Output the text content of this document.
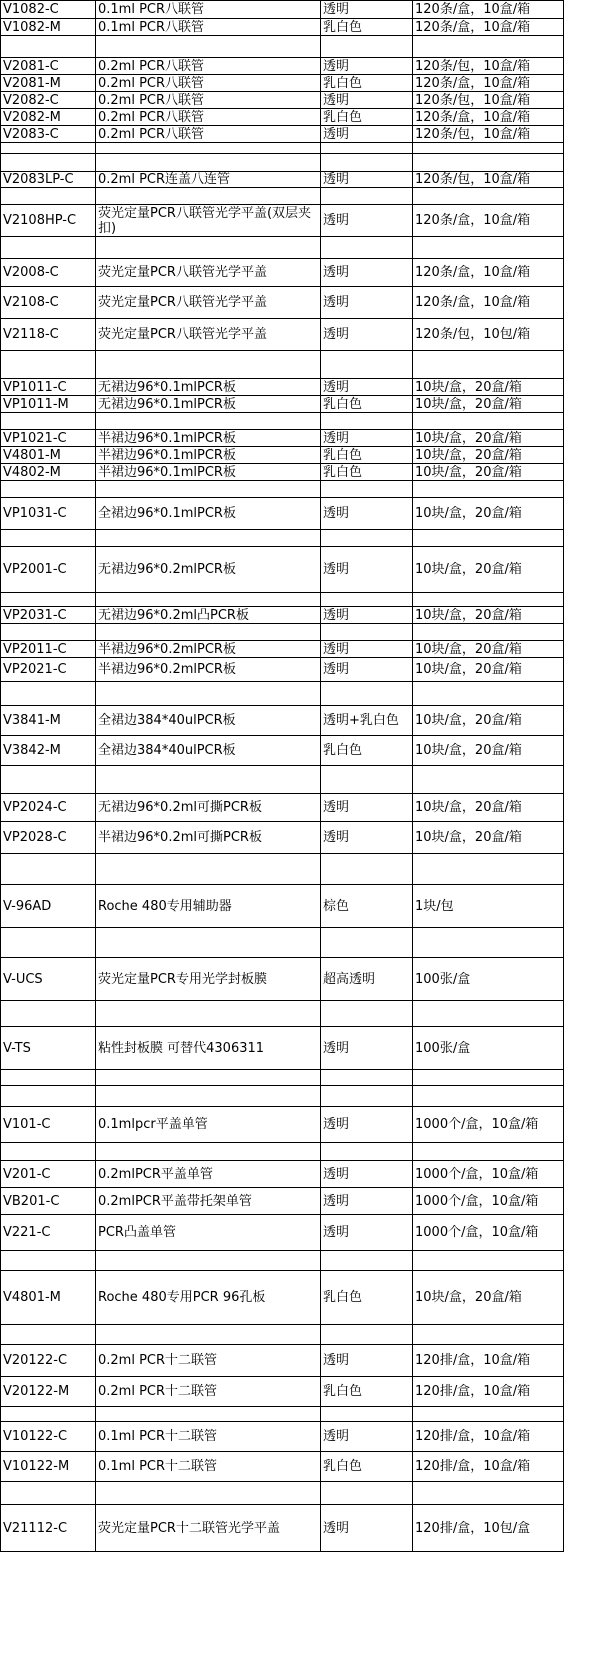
V1082-C	0.1ml PCR八联管	透明	120条/盒，10盒/箱
V1082-M	0.1ml PCR八联管	乳白色	120条/盒，10盒/箱

V2081-C	0.2ml PCR八联管	透明	120条/包，10盒/箱
V2081-M	0.2ml PCR八联管	乳白色	120条/盒，10盒/箱
V2082-C	0.2ml PCR八联管	透明	120条/包，10盒/箱
V2082-M	0.2ml PCR八联管	乳白色	120条/盒，10盒/箱
V2083-C	0.2ml PCR八联管	透明	120条/包，10盒/箱

V2083LP-C	0.2ml PCR连盖八连管	透明	120条/包，10盒/箱

V2108HP-C	荧光定量PCR八联管光学平盖(双层夹扣)	透明	120条/盒，10盒/箱

V2008-C	荧光定量PCR八联管光学平盖	透明	120条/盒，10盒/箱
V2108-C	荧光定量PCR八联管光学平盖	透明	120条/盒，10盒/箱
V2118-C	荧光定量PCR八联管光学平盖	透明	120条/包，10包/箱

VP1011-C	无裙边96*0.1mlPCR板	透明	10块/盒，20盒/箱
VP1011-M	无裙边96*0.1mlPCR板	乳白色	10块/盒，20盒/箱

VP1021-C	半裙边96*0.1mlPCR板	透明	10块/盒，20盒/箱
V4801-M	半裙边96*0.1mlPCR板	乳白色	10块/盒，20盒/箱
V4802-M	半裙边96*0.1mlPCR板	乳白色	10块/盒，20盒/箱

VP1031-C	全裙边96*0.1mlPCR板	透明	10块/盒，20盒/箱

VP2001-C	无裙边96*0.2mlPCR板	透明	10块/盒，20盒/箱

VP2031-C	无裙边96*0.2ml凸PCR板	透明	10块/盒，20盒/箱

VP2011-C	半裙边96*0.2mlPCR板	透明	10块/盒，20盒/箱
VP2021-C	半裙边96*0.2mlPCR板	透明	10块/盒，20盒/箱

V3841-M	全裙边384*40ulPCR板	透明+乳白色	10块/盒，20盒/箱
V3842-M	全裙边384*40ulPCR板	乳白色	10块/盒，20盒/箱

VP2024-C	无裙边96*0.2ml可撕PCR板	透明	10块/盒，20盒/箱
VP2028-C	半裙边96*0.2ml可撕PCR板	透明	10块/盒，20盒/箱

V-96AD	Roche 480专用辅助器	棕色	1块/包

V-UCS	荧光定量PCR专用光学封板膜	超高透明	100张/盒

V-TS	粘性封板膜 可替代4306311	透明	100张/盒

V101-C	0.1mlpcr平盖单管	透明	1000个/盒，10盒/箱

V201-C	0.2mlPCR平盖单管	透明	1000个/盒，10盒/箱
VB201-C	0.2mlPCR平盖带托架单管	透明	1000个/盒，10盒/箱
V221-C	PCR凸盖单管	透明	1000个/盒，10盒/箱

V4801-M	Roche 480专用PCR 96孔板	乳白色	10块/盒，20盒/箱

V20122-C	0.2ml PCR十二联管	透明	120排/盒，10盒/箱
V20122-M	0.2ml PCR十二联管	乳白色	120排/盒，10盒/箱

V10122-C	0.1ml PCR十二联管	透明	120排/盒，10盒/箱
V10122-M	0.1ml PCR十二联管	乳白色	120排/盒，10盒/箱

V21112-C	荧光定量PCR十二联管光学平盖	透明	120排/盒，10包/盒
